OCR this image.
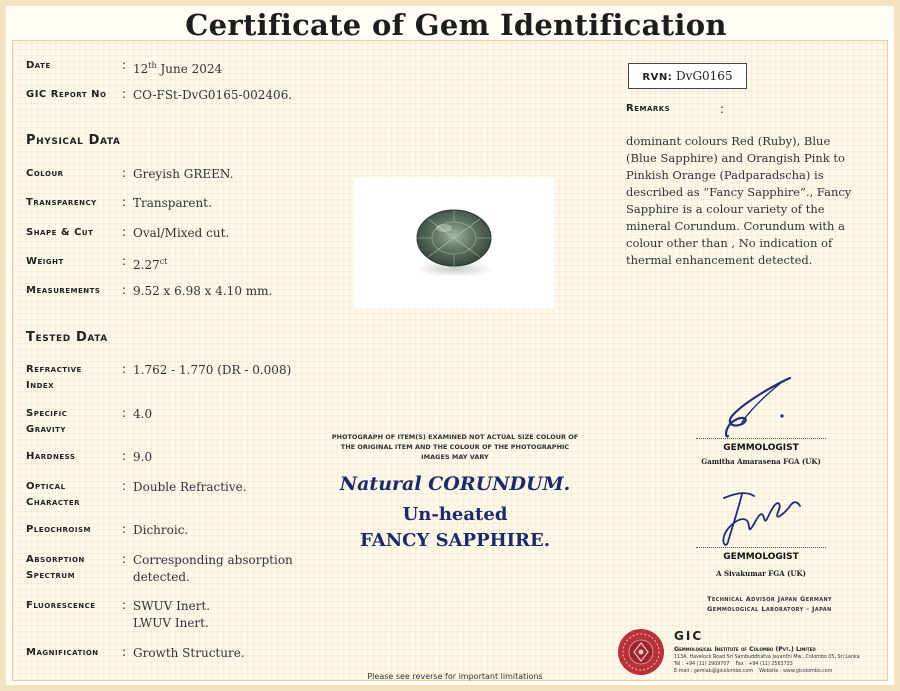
Certificate of Gem Identification
Date	: 12th June 2024
GIC Report No : CO-FSt-DvG0165-002406.
Physical Data
Colour	: Greyish GREEN.
Transparency : Transparent.
Shape & Cut : Oval/Mixed cut.
Weight	: $2.27^{ct}$
Measurements : 9.52 x 6.98 x 4.10 mm.
Tested Data
Refractive
Index
: 1.762 - 1.770 (DR - 0.008)
Specific
Gravity
: 4.0
Hardness	: 9.0
Optical
Character
: Double Refractive.
Pleochroism	: Dichroic.
Absorption
Spectrum
: Corresponding absorption
detected.
Fluorescence : SWUV Inert.
LWUV Inert.
Magnification : Growth Structure.
PHOTOGRAPH OF ITEM(S) EXAMINED NOT ACTUAL SIZE COLOUR OF
THE ORIGINAL ITEM AND THE COLOUR OF THE PHOTOGRAPHIC
IMAGES MAY VARY
Natural CORUNDUM.
Un-heated
FANCY SAPPHIRE.
RVN: DvG0165
Remarks	:
dominant colours Red (Ruby), Blue (Blue Sapphire) and Orangish Pink to Pinkish Orange (Padparadscha) is described as “Fancy Sapphire”., Fancy Sapphire is a colour variety of the mineral Corundum. Corundum with a colour other than , No indication of thermal enhancement detected.
GEMMOLOGIST
Gamitha Amarasena FGA (UK)
GEMMOLOGIST
A Sivakumar FGA (UK)
Technical Advisor Japan Germany
Gemmological Laboratory - Japan
GIC
Gemmological Institute of Colombo (Pvt.) Limited
113A, Havelock Road Sri Sambuddhatva Jayanthi Mw., Colombo 05, Sri Lanka
Tel : +94 (11) 2909707 Fax : +94 (11) 2563733
E-mail : gemlab@gicolombo.com Website : www.gicolombo.com
Please see reverse for important limitations
